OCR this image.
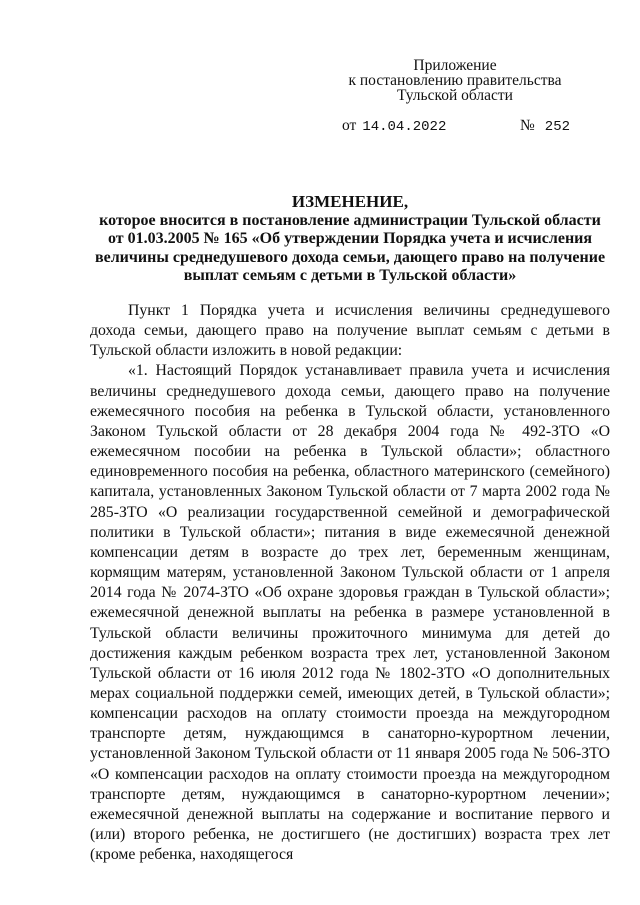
Приложение
к постановлению правительства
Тульской области
от 14.04.2022	№ 252
ИЗМЕНЕНИЕ,
которое вносится в постановление администрации Тульской области
от 01.03.2005 № 165 «Об утверждении Порядка учета и исчисления
величины среднедушевого дохода семьи, дающего право на получение
выплат семьям с детьми в Тульской области»

Пункт 1 Порядка учета и исчисления величины среднедушевого дохода семьи, дающего право на получение выплат семьям с детьми в Тульской области изложить в новой редакции:

«1. Настоящий Порядок устанавливает правила учета и исчисления величины среднедушевого дохода семьи, дающего право на получение ежемесячного пособия на ребенка в Тульской области, установленного Законом Тульской области от 28 декабря 2004 года № 492-ЗТО «О ежемесячном пособии на ребенка в Тульской области»; областного единовременного пособия на ребенка, областного материнского (семейного) капитала, установленных Законом Тульской области от 7 марта 2002 года № 285-ЗТО «О реализации государственной семейной и демографической политики в Тульской области»; питания в виде ежемесячной денежной компенсации детям в возрасте до трех лет, беременным женщинам, кормящим матерям, установленной Законом Тульской области от 1 апреля 2014 года № 2074-ЗТО «Об охране здоровья граждан в Тульской области»; ежемесячной денежной выплаты на ребенка в размере установленной в Тульской области величины прожиточного минимума для детей до достижения каждым ребенком возраста трех лет, установленной Законом Тульской области от 16 июля 2012 года № 1802-ЗТО «О дополнительных мерах социальной поддержки семей, имеющих детей, в Тульской области»; компенсации расходов на оплату стоимости проезда на междугородном транспорте детям, нуждающимся в санаторно-курортном лечении, установленной Законом Тульской области от 11 января 2005 года № 506-ЗТО «О компенсации расходов на оплату стоимости проезда на междугородном транспорте детям, нуждающимся в санаторно-курортном лечении»; ежемесячной денежной выплаты на содержание и воспитание первого и (или) второго ребенка, не достигшего (не достигших) возраста трех лет (кроме ребенка, находящегося
